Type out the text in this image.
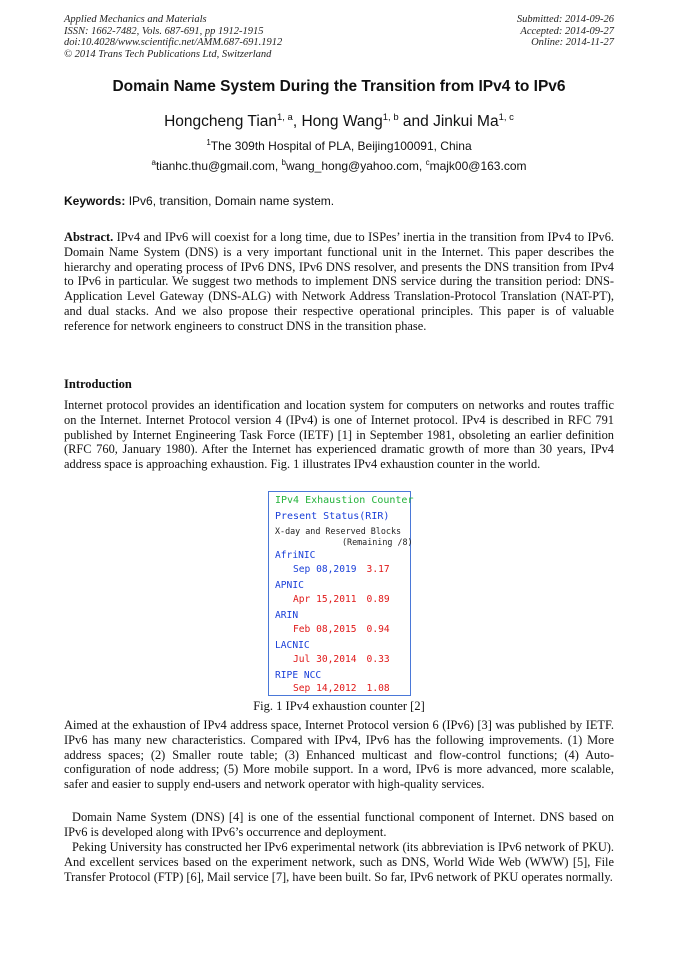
Applied Mechanics and Materials
ISSN: 1662-7482, Vols. 687-691, pp 1912-1915
doi:10.4028/www.scientific.net/AMM.687-691.1912
© 2014 Trans Tech Publications Ltd, Switzerland
Submitted: 2014-09-26
Accepted: 2014-09-27
Online: 2014-11-27
Domain Name System During the Transition from IPv4 to IPv6
Hongcheng Tian$^{1, a}$, Hong Wang$^{1, b}$ and Jinkui Ma$^{1, c}$
$^1$The 309th Hospital of PLA, Beijing100091, China
$^a$tianhc.thu@gmail.com, $^b$wang_hong@yahoo.com, $^c$majk00@163.com
Keywords: IPv6, transition, Domain name system.
Abstract. IPv4 and IPv6 will coexist for a long time, due to ISPes’ inertia in the transition from IPv4 to IPv6. Domain Name System (DNS) is a very important functional unit in the Internet. This paper describes the hierarchy and operating process of IPv6 DNS, IPv6 DNS resolver, and presents the DNS transition from IPv4 to IPv6 in particular. We suggest two methods to implement DNS service during the transition period: DNS-Application Level Gateway (DNS-ALG) with Network Address Translation-Protocol Translation (NAT-PT), and dual stacks. And we also propose their respective operational principles. This paper is of valuable reference for network engineers to construct DNS in the transition phase.
Introduction
Internet protocol provides an identification and location system for computers on networks and routes traffic on the Internet. Internet Protocol version 4 (IPv4) is one of Internet protocol. IPv4 is described in RFC 791 published by Internet Engineering Task Force (IETF) [1] in September 1981, obsoleting an earlier definition (RFC 760, January 1980). After the Internet has experienced dramatic growth of more than 30 years, IPv4 address space is approaching exhaustion. Fig. 1 illustrates IPv4 exhaustion counter in the world.
IPv4 Exhaustion Counter
Present Status(RIR)
X-day and Reserved Blocks
(Remaining /8)
AfriNIC
Sep 08,2019 3.17
APNIC
Apr 15,2011 0.89
ARIN
Feb 08,2015 0.94
LACNIC
Jul 30,2014 0.33
RIPE NCC
Sep 14,2012 1.08
Fig. 1 IPv4 exhaustion counter [2]
Aimed at the exhaustion of IPv4 address space, Internet Protocol version 6 (IPv6) [3] was published by IETF. IPv6 has many new characteristics. Compared with IPv4, IPv6 has the following improvements. (1) More address spaces; (2) Smaller route table; (3) Enhanced multicast and flow-control functions; (4) Auto-configuration of node address; (5) More mobile support. In a word, IPv6 is more advanced, more scalable, safer and easier to supply end-users and network operator with high-quality services.
Domain Name System (DNS) [4] is one of the essential functional component of Internet. DNS based on IPv6 is developed along with IPv6’s occurrence and deployment.
Peking University has constructed her IPv6 experimental network (its abbreviation is IPv6 network of PKU). And excellent services based on the experiment network, such as DNS, World Wide Web (WWW) [5], File Transfer Protocol (FTP) [6], Mail service [7], have been built. So far, IPv6 network of PKU operates normally.
